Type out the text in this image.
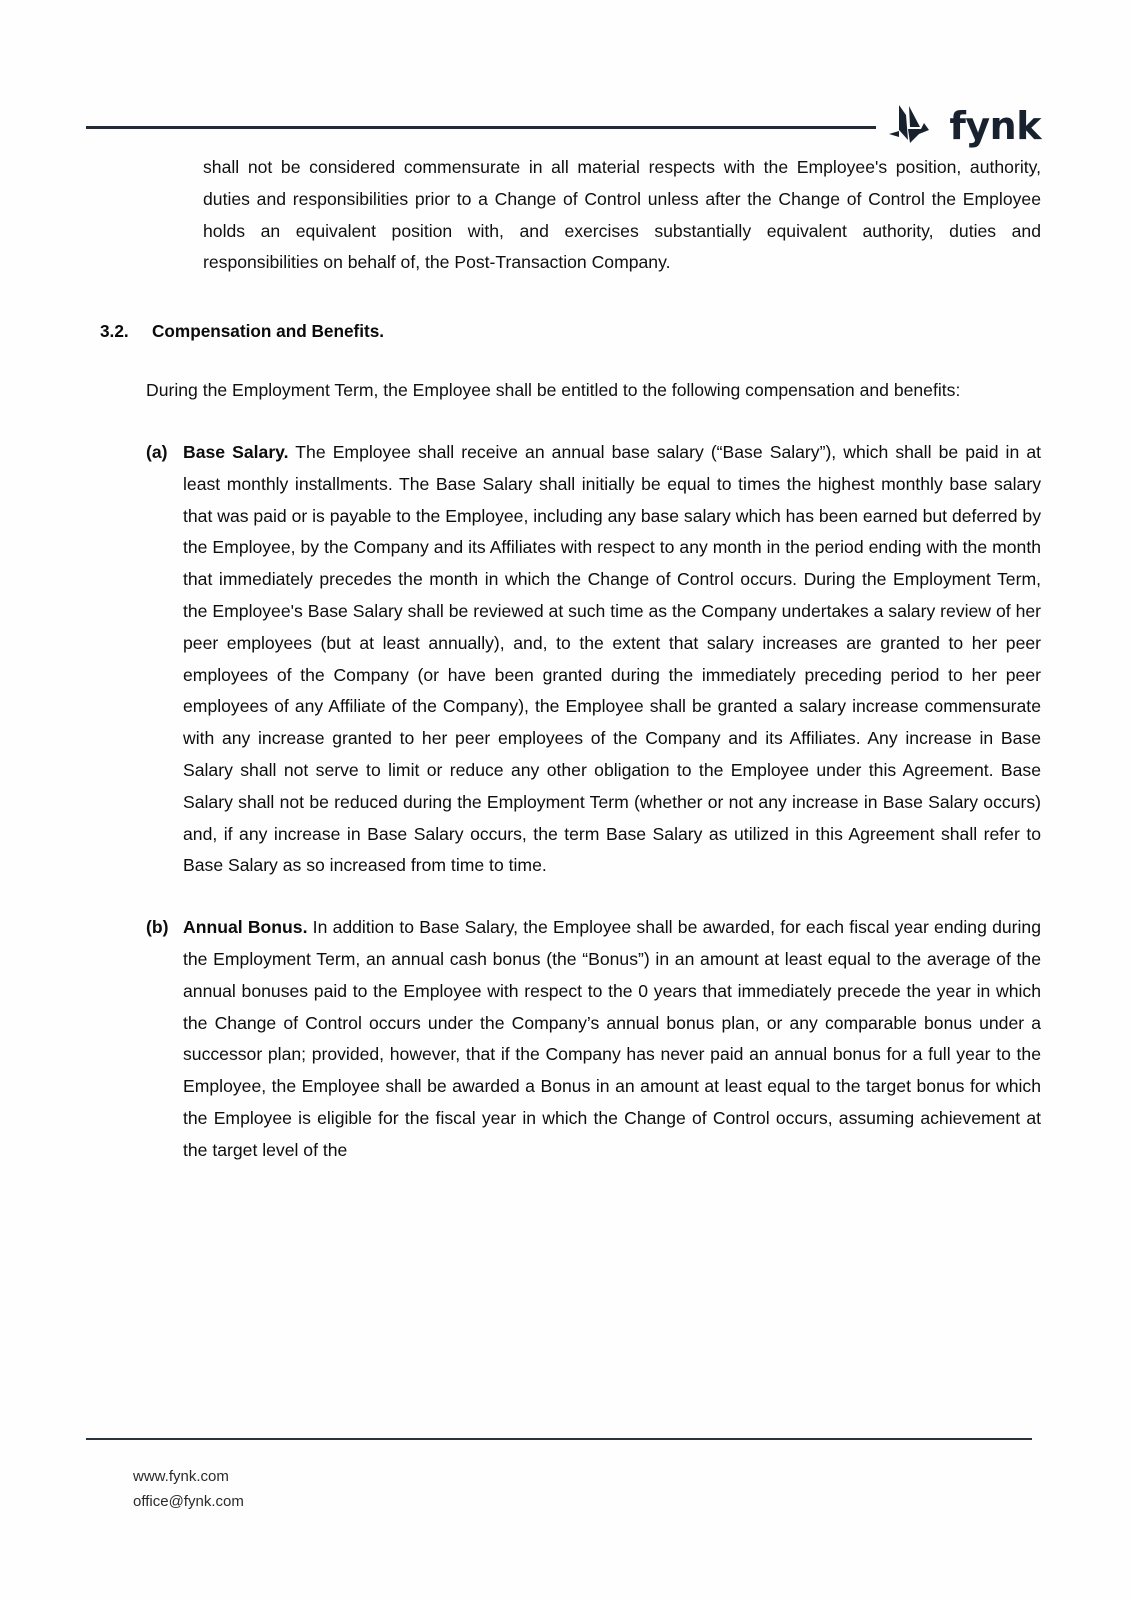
fynk

shall not be considered commensurate in all material respects with the Employee's position, authority, duties and responsibilities prior to a Change of Control unless after the Change of Control the Employee holds an equivalent position with, and exercises substantially equivalent authority, duties and responsibilities on behalf of, the Post-Transaction Company.

3.2.	Compensation and Benefits.

During the Employment Term, the Employee shall be entitled to the following compensation and benefits:

(a) Base Salary. The Employee shall receive an annual base salary (“Base Salary”), which shall be paid in at least monthly installments. The Base Salary shall initially be equal to times the highest monthly base salary that was paid or is payable to the Employee, including any base salary which has been earned but deferred by the Employee, by the Company and its Affiliates with respect to any month in the period ending with the month that immediately precedes the month in which the Change of Control occurs. During the Employment Term, the Employee's Base Salary shall be reviewed at such time as the Company undertakes a salary review of her peer employees (but at least annually), and, to the extent that salary increases are granted to her peer employees of the Company (or have been granted during the immediately preceding period to her peer employees of any Affiliate of the Company), the Employee shall be granted a salary increase commensurate with any increase granted to her peer employees of the Company and its Affiliates. Any increase in Base Salary shall not serve to limit or reduce any other obligation to the Employee under this Agreement. Base Salary shall not be reduced during the Employment Term (whether or not any increase in Base Salary occurs) and, if any increase in Base Salary occurs, the term Base Salary as utilized in this Agreement shall refer to Base Salary as so increased from time to time.
(b) Annual Bonus. In addition to Base Salary, the Employee shall be awarded, for each fiscal year ending during the Employment Term, an annual cash bonus (the “Bonus”) in an amount at least equal to the average of the annual bonuses paid to the Employee with respect to the 0 years that immediately precede the year in which the Change of Control occurs under the Company’s annual bonus plan, or any comparable bonus under a successor plan; provided, however, that if the Company has never paid an annual bonus for a full year to the Employee, the Employee shall be awarded a Bonus in an amount at least equal to the target bonus for which the Employee is eligible for the fiscal year in which the Change of Control occurs, assuming achievement at the target level of the
www.fynk.com
office@fynk.com
